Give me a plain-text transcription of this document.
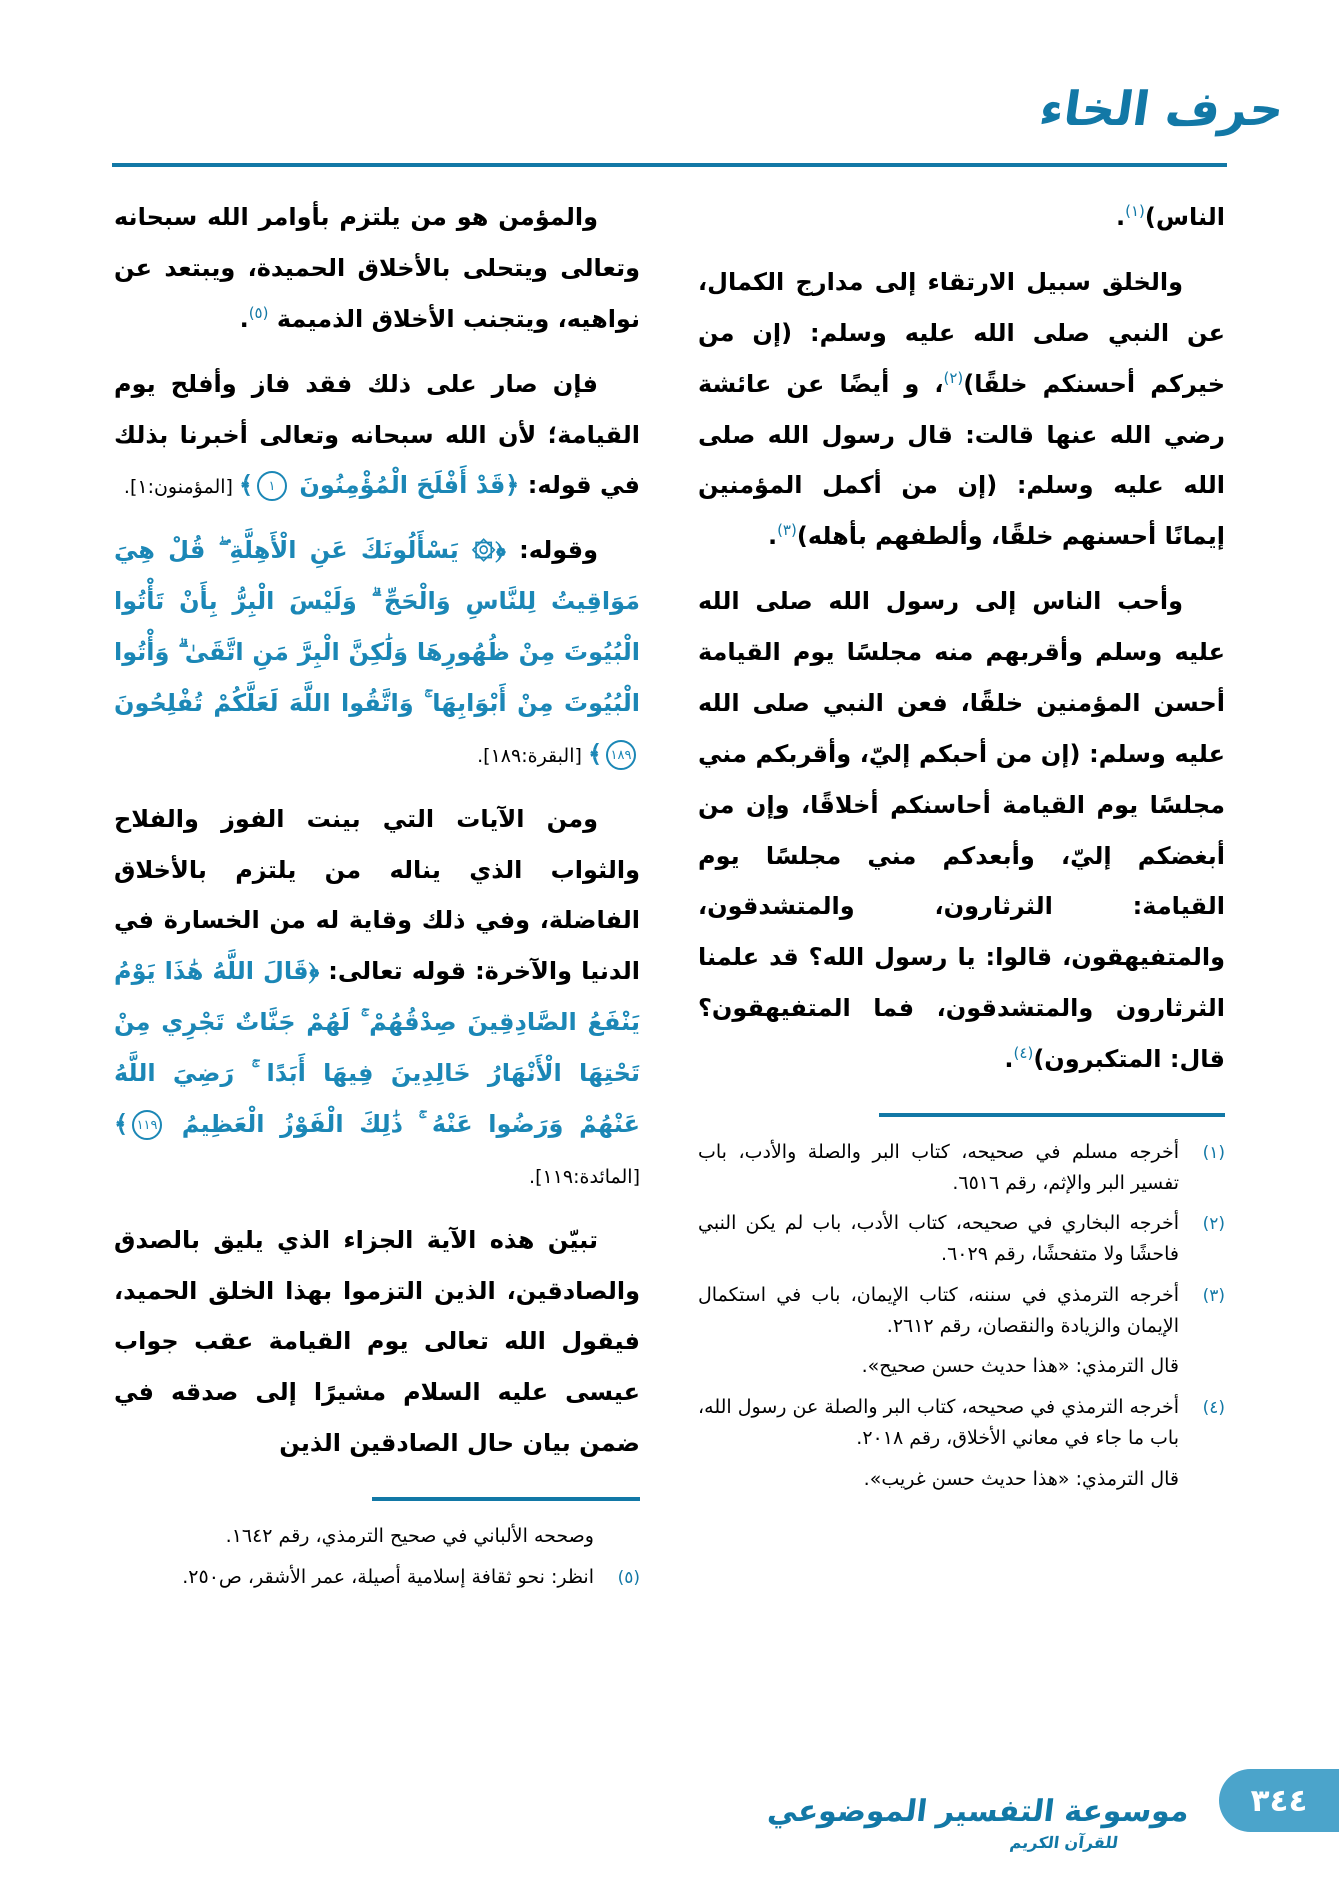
حرف الخاء
الناس)$^{(١)}$.
والخلق سبيل الارتقاء إلى مدارج الكمال، عن النبي صلى الله عليه وسلم: (إن من خيركم أحسنكم خلقًا)$^{(٢)}$، و أيضًا عن عائشة رضي الله عنها قالت: قال رسول الله صلى الله عليه وسلم: (إن من أكمل المؤمنين إيمانًا أحسنهم خلقًا، وألطفهم بأهله)$^{(٣)}$.
وأحب الناس إلى رسول الله صلى الله عليه وسلم وأقربهم منه مجلسًا يوم القيامة أحسن المؤمنين خلقًا، فعن النبي صلى الله عليه وسلم: (إن من أحبكم إليّ، وأقربكم مني مجلسًا يوم القيامة أحاسنكم أخلاقًا، وإن من أبغضكم إليّ، وأبعدكم مني مجلسًا يوم القيامة: الثرثارون، والمتشدقون، والمتفيهقون، قالوا: يا رسول الله؟ قد علمنا الثرثارون والمتشدقون، فما المتفيهقون؟ قال: المتكبرون)$^{(٤)}$.
(١)أخرجه مسلم في صحيحه، كتاب البر والصلة والأدب، باب تفسير البر والإثم، رقم ٦٥١٦.
(٢)أخرجه البخاري في صحيحه، كتاب الأدب، باب لم يكن النبي فاحشًا ولا متفحشًا، رقم ٦٠٢٩.
(٣)أخرجه الترمذي في سننه، كتاب الإيمان، باب في استكمال الإيمان والزيادة والنقصان، رقم ٢٦١٢.
قال الترمذي: «هذا حديث حسن صحيح».
(٤)أخرجه الترمذي في صحيحه، كتاب البر والصلة عن رسول الله، باب ما جاء في معاني الأخلاق، رقم ٢٠١٨.
قال الترمذي: «هذا حديث حسن غريب».
والمؤمن هو من يلتزم بأوامر الله سبحانه وتعالى ويتحلى بالأخلاق الحميدة، ويبتعد عن نواهيه، ويتجنب الأخلاق الذميمة $^{(٥)}$.
فإن صار على ذلك فقد فاز وأفلح يوم القيامة؛ لأن الله سبحانه وتعالى أخبرنا بذلك في قوله: ﴿قَدْ أَفْلَحَ الْمُؤْمِنُونَ ١﴾ [المؤمنون:١].
وقوله: ﴿۞ يَسْأَلُونَكَ عَنِ الْأَهِلَّةِ ۖ قُلْ هِيَ مَوَاقِيتُ لِلنَّاسِ وَالْحَجِّ ۗ وَلَيْسَ الْبِرُّ بِأَنْ تَأْتُوا الْبُيُوتَ مِنْ ظُهُورِهَا وَلَٰكِنَّ الْبِرَّ مَنِ اتَّقَىٰ ۗ وَأْتُوا الْبُيُوتَ مِنْ أَبْوَابِهَا ۚ وَاتَّقُوا اللَّهَ لَعَلَّكُمْ تُفْلِحُونَ ١٨٩﴾ [البقرة:١٨٩].
ومن الآيات التي بينت الفوز والفلاح والثواب الذي يناله من يلتزم بالأخلاق الفاضلة، وفي ذلك وقاية له من الخسارة في الدنيا والآخرة: قوله تعالى: ﴿قَالَ اللَّهُ هَٰذَا يَوْمُ يَنْفَعُ الصَّادِقِينَ صِدْقُهُمْ ۚ لَهُمْ جَنَّاتٌ تَجْرِي مِنْ تَحْتِهَا الْأَنْهَارُ خَالِدِينَ فِيهَا أَبَدًا ۚ رَضِيَ اللَّهُ عَنْهُمْ وَرَضُوا عَنْهُ ۚ ذَٰلِكَ الْفَوْزُ الْعَظِيمُ ١١٩﴾ [المائدة:١١٩].
تبيّن هذه الآية الجزاء الذي يليق بالصدق والصادقين، الذين التزموا بهذا الخلق الحميد، فيقول الله تعالى يوم القيامة عقب جواب عيسى عليه السلام مشيرًا إلى صدقه في ضمن بيان حال الصادقين الذين
وصححه الألباني في صحيح الترمذي، رقم ١٦٤٢.
(٥)انظر: نحو ثقافة إسلامية أصيلة، عمر الأشقر، ص٢٥٠.
موسوعة التفسير الموضوعي
للقرآن الكريم
٣٤٤
